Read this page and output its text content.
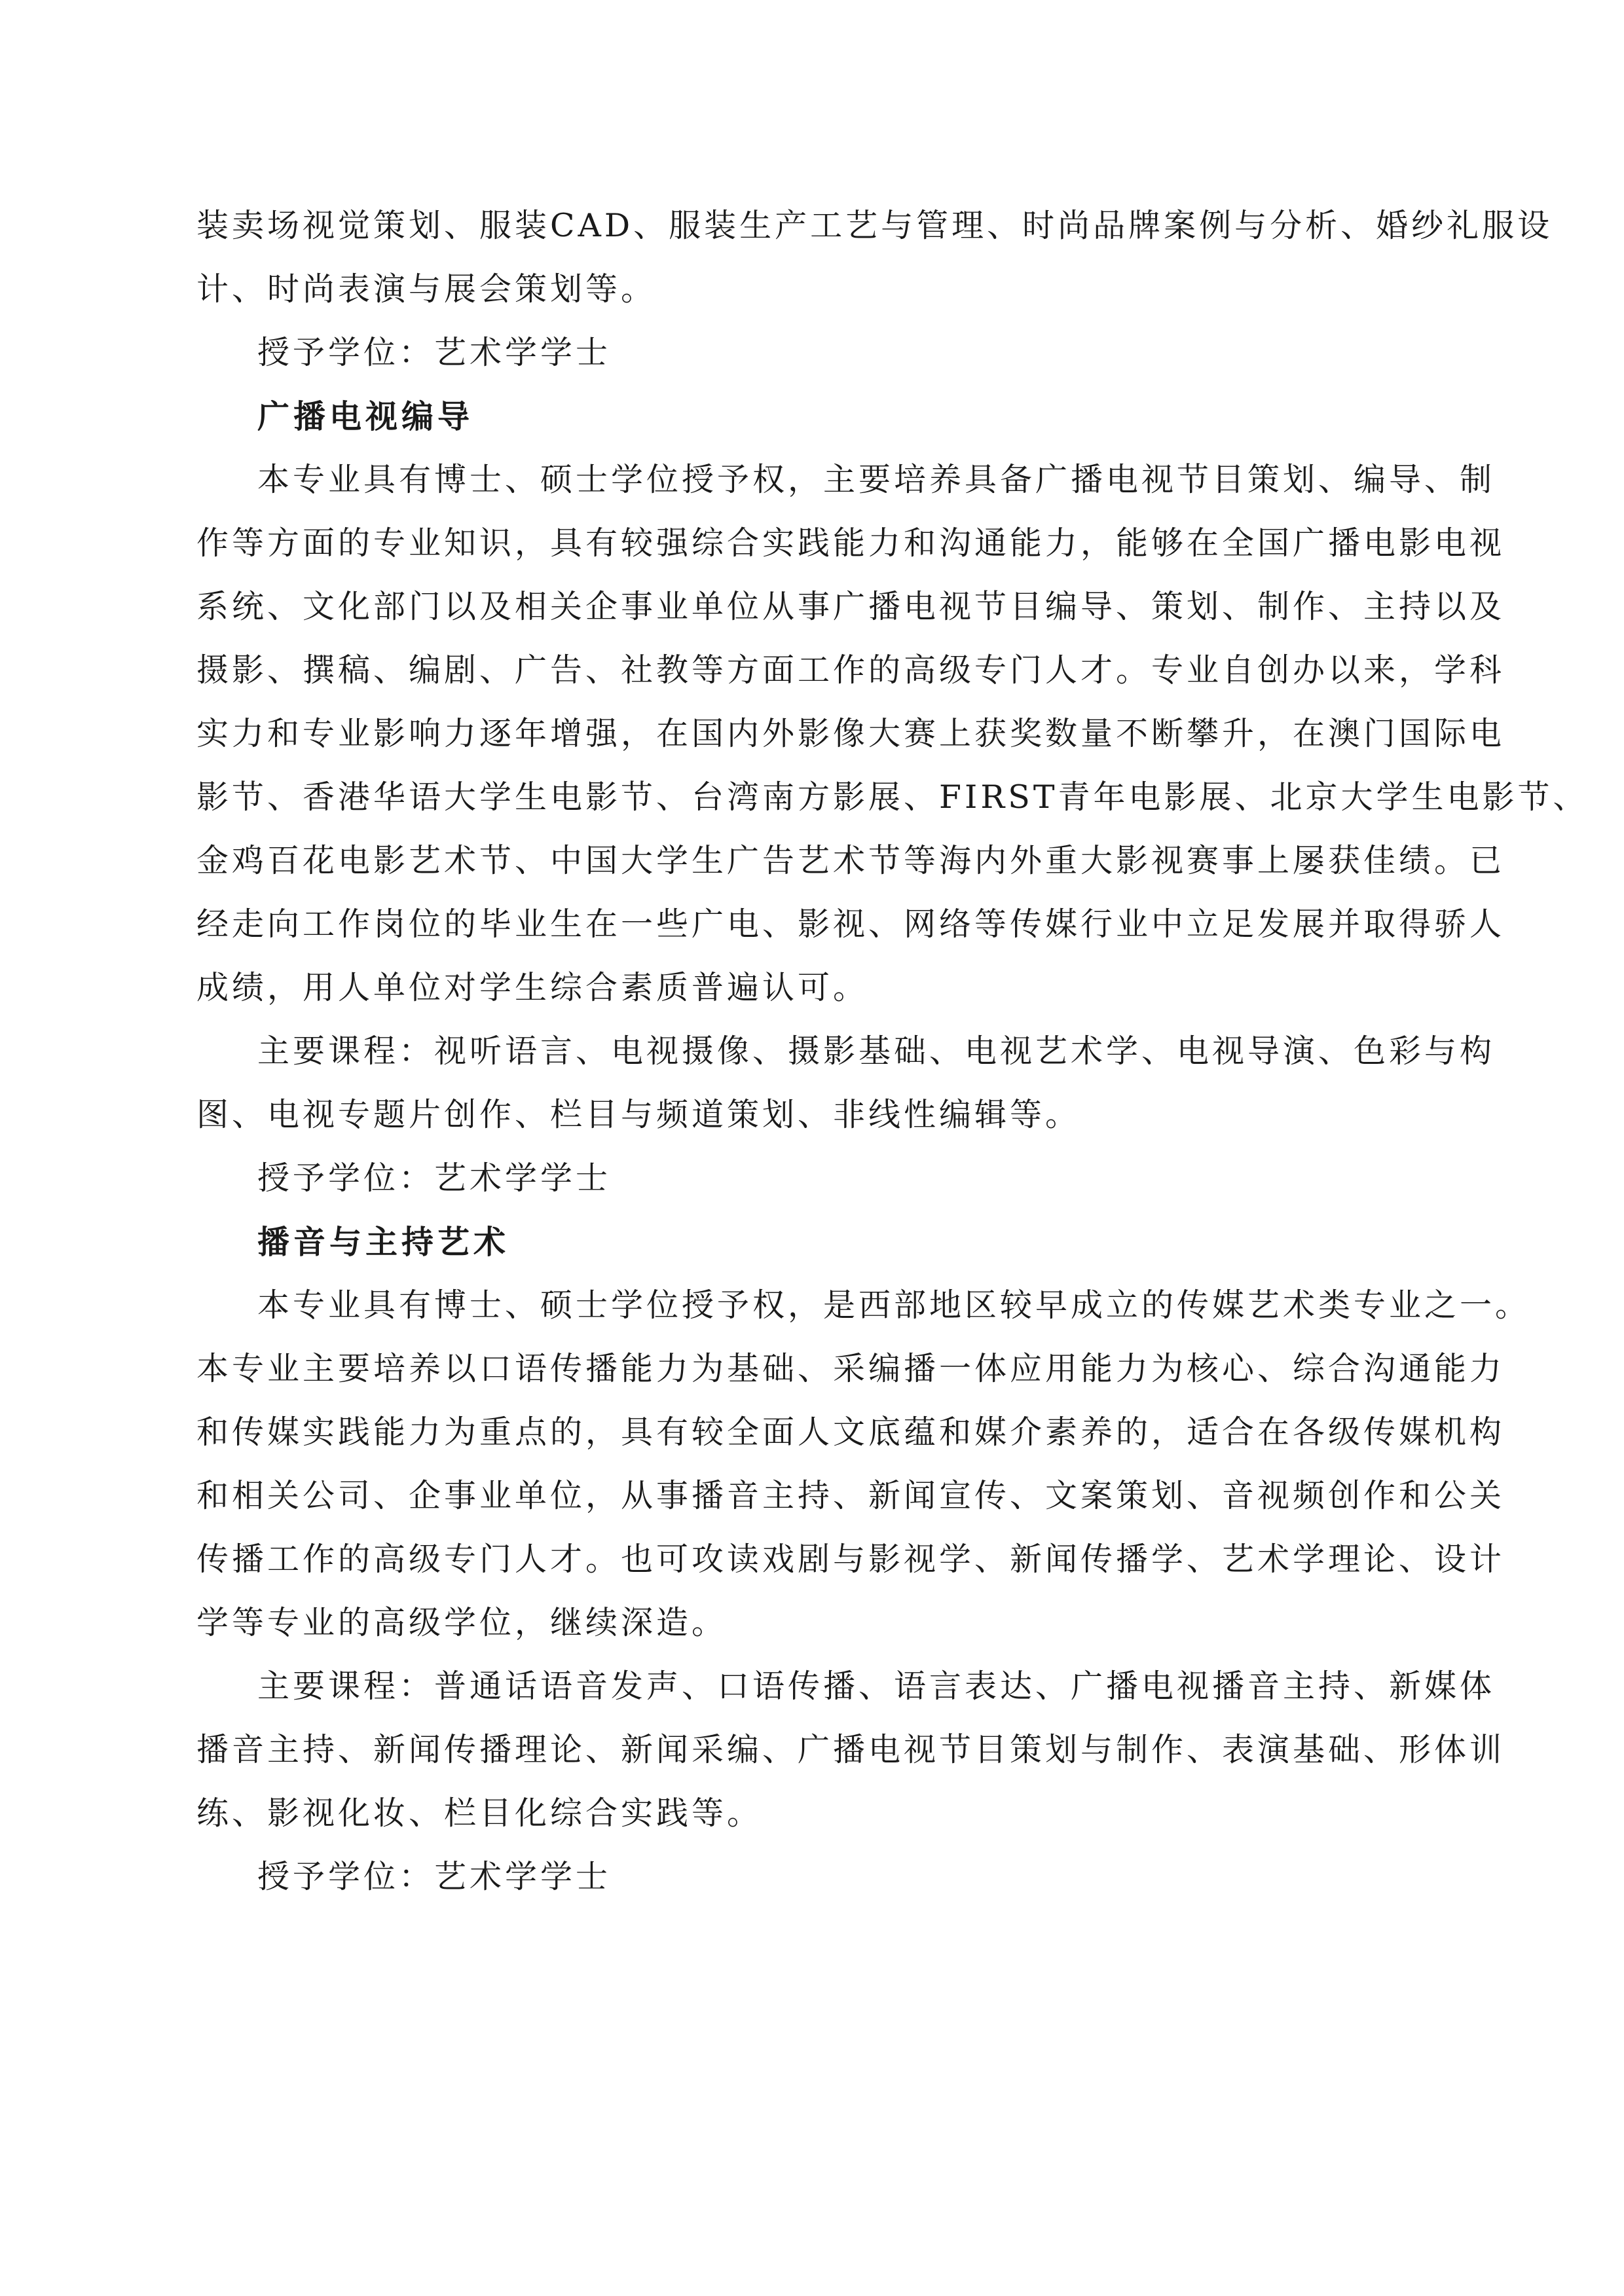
装卖场视觉策划、服装CAD、服装生产工艺与管理、时尚品牌案例与分析、婚纱礼服设
计、时尚表演与展会策划等。
授予学位：艺术学学士
广播电视编导
本专业具有博士、硕士学位授予权，主要培养具备广播电视节目策划、编导、制
作等方面的专业知识，具有较强综合实践能力和沟通能力，能够在全国广播电影电视
系统、文化部门以及相关企事业单位从事广播电视节目编导、策划、制作、主持以及
摄影、撰稿、编剧、广告、社教等方面工作的高级专门人才。专业自创办以来，学科
实力和专业影响力逐年增强，在国内外影像大赛上获奖数量不断攀升，在澳门国际电
影节、香港华语大学生电影节、台湾南方影展、FIRST青年电影展、北京大学生电影节、
金鸡百花电影艺术节、中国大学生广告艺术节等海内外重大影视赛事上屡获佳绩。已
经走向工作岗位的毕业生在一些广电、影视、网络等传媒行业中立足发展并取得骄人
成绩，用人单位对学生综合素质普遍认可。
主要课程：视听语言、电视摄像、摄影基础、电视艺术学、电视导演、色彩与构
图、电视专题片创作、栏目与频道策划、非线性编辑等。
授予学位：艺术学学士
播音与主持艺术
本专业具有博士、硕士学位授予权，是西部地区较早成立的传媒艺术类专业之一。
本专业主要培养以口语传播能力为基础、采编播一体应用能力为核心、综合沟通能力
和传媒实践能力为重点的，具有较全面人文底蕴和媒介素养的，适合在各级传媒机构
和相关公司、企事业单位，从事播音主持、新闻宣传、文案策划、音视频创作和公关
传播工作的高级专门人才。也可攻读戏剧与影视学、新闻传播学、艺术学理论、设计
学等专业的高级学位，继续深造。
主要课程：普通话语音发声、口语传播、语言表达、广播电视播音主持、新媒体
播音主持、新闻传播理论、新闻采编、广播电视节目策划与制作、表演基础、形体训
练、影视化妆、栏目化综合实践等。
授予学位：艺术学学士
